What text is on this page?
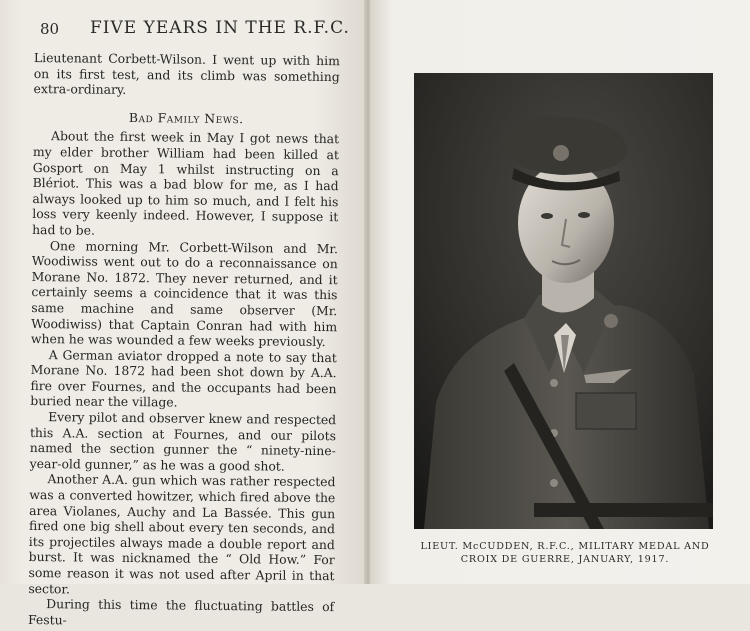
80 FIVE YEARS IN THE R.F.C.

Lieutenant Corbett-Wilson. I went up with him on its first test, and its climb was something extra-ordinary.

Bad Family News.

About the first week in May I got news that my elder brother William had been killed at Gosport on May 1 whilst instructing on a Blériot. This was a bad blow for me, as I had always looked up to him so much, and I felt his loss very keenly indeed. However, I suppose it had to be.

One morning Mr. Corbett-Wilson and Mr. Woodiwiss went out to do a reconnaissance on Morane No. 1872. They never returned, and it certainly seems a coincidence that it was this same machine and same observer (Mr. Woodiwiss) that Captain Conran had with him when he was wounded a few weeks previously.

A German aviator dropped a note to say that Morane No. 1872 had been shot down by A.A. fire over Fournes, and the occupants had been buried near the village.

Every pilot and observer knew and respected this A.A. section at Fournes, and our pilots named the section gunner the “ ninety-nine-year-old gunner,” as he was a good shot.

Another A.A. gun which was rather respected was a converted howitzer, which fired above the area Violanes, Auchy and La Bassée. This gun fired one big shell about every ten seconds, and its projectiles always made a double report and burst. It was nicknamed the “ Old How.” For some reason it was not used after April in that sector.

During this time the fluctuating battles of Festu-

LIEUT. McCUDDEN, R.F.C., MILITARY MEDAL AND
CROIX DE GUERRE, JANUARY, 1917.
